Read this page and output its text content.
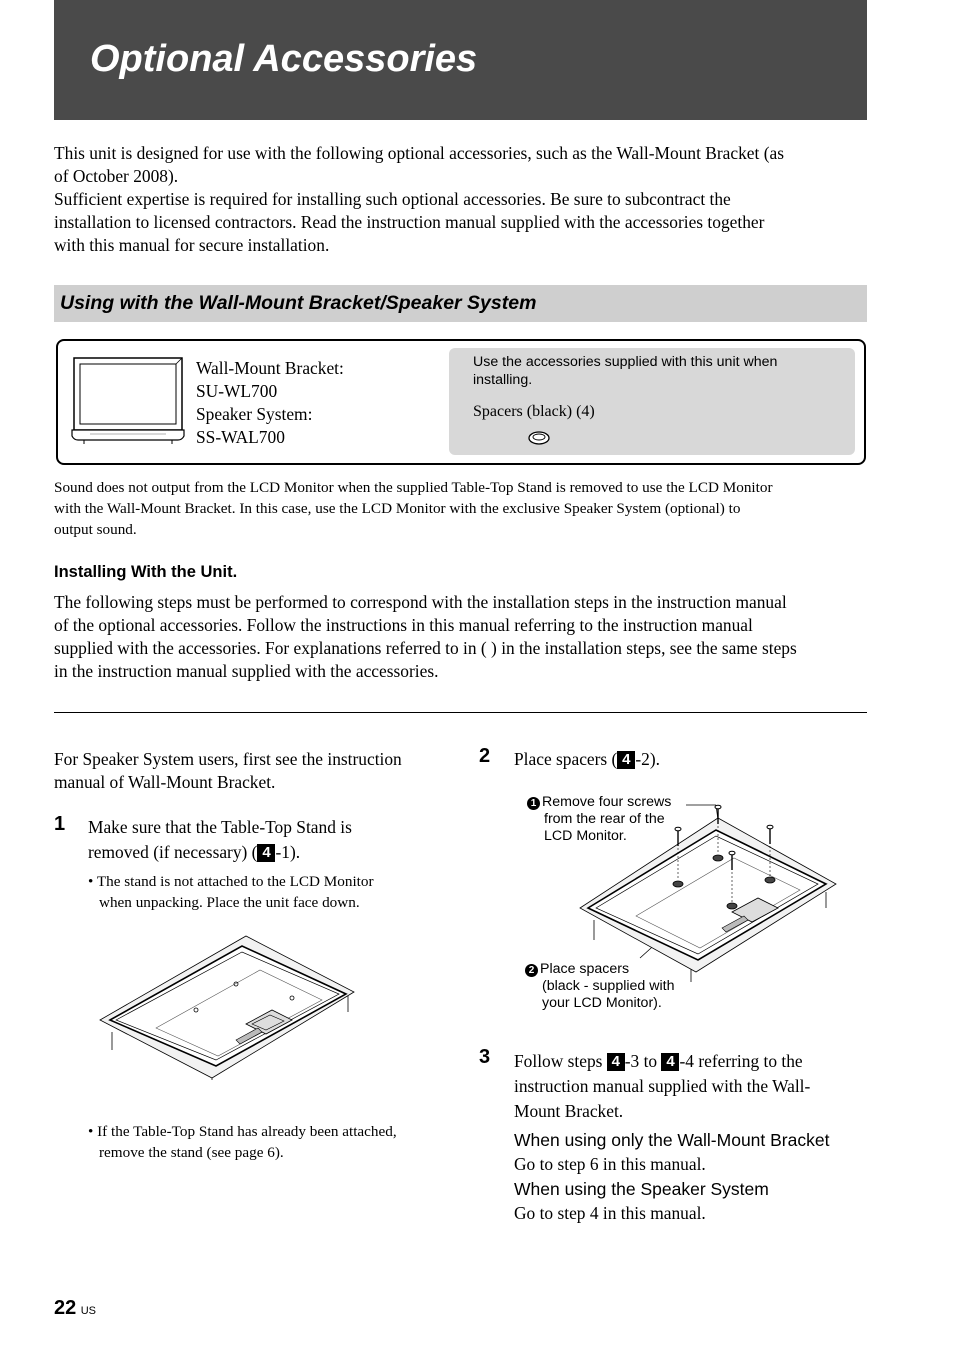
Optional Accessories
This unit is designed for use with the following optional accessories, such as the Wall-Mount Bracket (as
of October 2008).
Sufficient expertise is required for installing such optional accessories. Be sure to subcontract the
installation to licensed contractors. Read the instruction manual supplied with the accessories together
with this manual for secure installation.
Using with the Wall-Mount Bracket/Speaker System
Wall-Mount Bracket:
SU-WL700
Speaker System:
SS-WAL700
Use the accessories supplied with this unit when
installing.
Spacers (black) (4)
Sound does not output from the LCD Monitor when the supplied Table-Top Stand is removed to use the LCD Monitor
with the Wall-Mount Bracket. In this case, use the LCD Monitor with the exclusive Speaker System (optional) to
output sound.
Installing With the Unit.
The following steps must be performed to correspond with the installation steps in the instruction manual
of the optional accessories. Follow the instructions in this manual referring to the instruction manual
supplied with the accessories. For explanations referred to in ( ) in the installation steps, see the same steps
in the instruction manual supplied with the accessories.
For Speaker System users, first see the instruction
manual of Wall-Mount Bracket.
1 Make sure that the Table-Top Stand is
removed (if necessary) ( 4 -1).
• The stand is not attached to the LCD Monitor
when unpacking. Place the unit face down.
• If the Table-Top Stand has already been attached,
remove the stand (see page 6).
2 Place spacers ( 4 -2).
1 Remove four screws
from the rear of the
LCD Monitor.
2 Place spacers
(black - supplied with
your LCD Monitor).
3 Follow steps 4 -3 to 4 -4 referring to the
instruction manual supplied with the Wall-
Mount Bracket.
When using only the Wall-Mount Bracket
Go to step 6 in this manual.
When using the Speaker System
Go to step 4 in this manual.
22 US
